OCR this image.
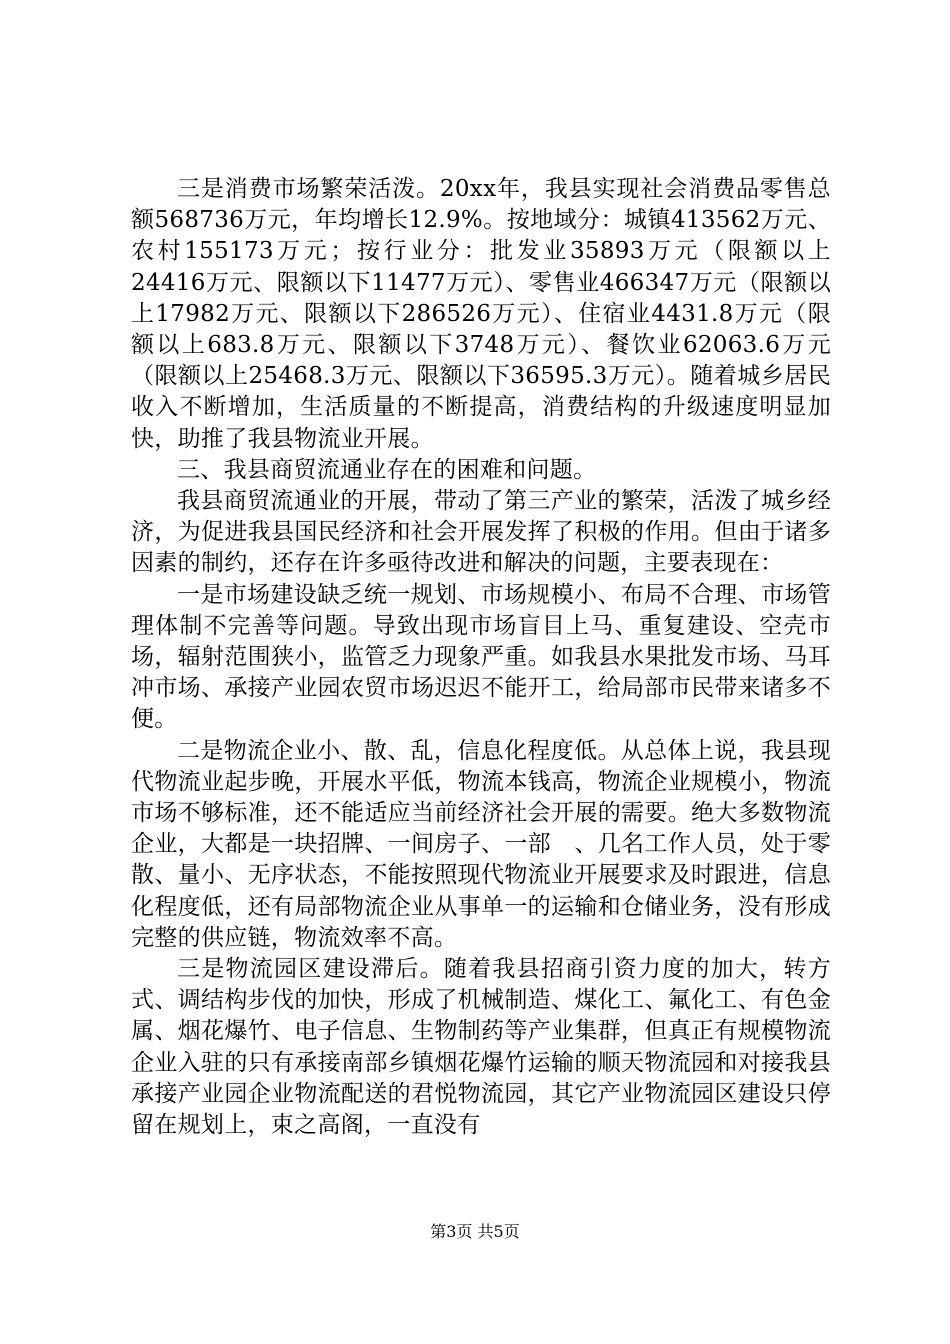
三是消费市场繁荣活泼。20xx年，我县实现社会消费品零售总额568736万元，年均增长12.9%。按地域分：城镇413562万元、农村155173万元；按行业分：批发业35893万元（限额以上24416万元、限额以下11477万元）、零售业466347万元（限额以上17982万元、限额以下286526万元）、住宿业4431.8万元（限额以上683.8万元、限额以下3748万元）、餐饮业62063.6万元（限额以上25468.3万元、限额以下36595.3万元）。随着城乡居民收入不断增加，生活质量的不断提高，消费结构的升级速度明显加快，助推了我县物流业开展。

三、我县商贸流通业存在的困难和问题。

我县商贸流通业的开展，带动了第三产业的繁荣，活泼了城乡经济，为促进我县国民经济和社会开展发挥了积极的作用。但由于诸多因素的制约，还存在许多亟待改进和解决的问题，主要表现在：

一是市场建设缺乏统一规划、市场规模小、布局不合理、市场管理体制不完善等问题。导致出现市场盲目上马、重复建设、空壳市场，辐射范围狭小，监管乏力现象严重。如我县水果批发市场、马耳冲市场、承接产业园农贸市场迟迟不能开工，给局部市民带来诸多不便。

二是物流企业小、散、乱，信息化程度低。从总体上说，我县现代物流业起步晚，开展水平低，物流本钱高，物流企业规模小，物流市场不够标准，还不能适应当前经济社会开展的需要。绝大多数物流企业，大都是一块招牌、一间房子、一部　、几名工作人员，处于零散、量小、无序状态，不能按照现代物流业开展要求及时跟进，信息化程度低，还有局部物流企业从事单一的运输和仓储业务，没有形成完整的供应链，物流效率不高。

三是物流园区建设滞后。随着我县招商引资力度的加大，转方式、调结构步伐的加快，形成了机械制造、煤化工、氟化工、有色金属、烟花爆竹、电子信息、生物制药等产业集群，但真正有规模物流企业入驻的只有承接南部乡镇烟花爆竹运输的顺天物流园和对接我县承接产业园企业物流配送的君悦物流园，其它产业物流园区建设只停留在规划上，束之高阁，一直没有

第3页 共5页
